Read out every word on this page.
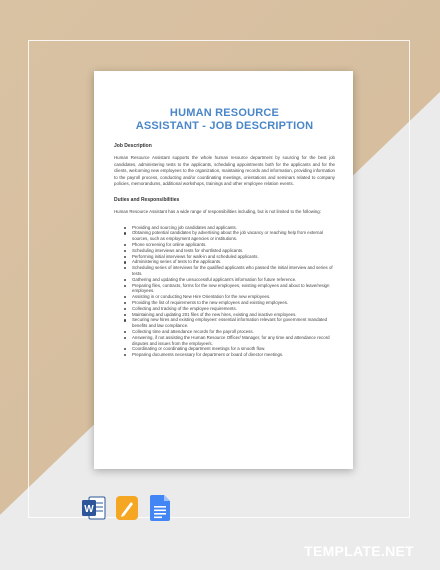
HUMAN RESOURCE
ASSISTANT - JOB DESCRIPTION
Job Description
Human Resource Assistant supports the whole human resource department by sourcing for the best job candidates, administering tests to the applicants, scheduling appointments both for the applicants and for the clients, welcoming new employees to the organization, maintaining records and information, providing information to the payroll process, conducting and/or coordinating meetings, orientations and seminars related to company policies, memorandums, additional workshops, trainings and other employee relation events.
Duties and Responsibilities
Human Resource Assistant has a wide range of responsibilities including, but is not limited to the following:
Providing and sourcing job candidates and applicants.
Obtaining potential candidates by advertising about the job vacancy or reaching help from external sources, such as employment agencies or institutions.
Phone screening for online applicants.
Scheduling interviews and tests for shortlisted applicants.
Performing initial interviews for walk-in and scheduled applicants.
Administering series of tests to the applicants.
Scheduling series of interviews for the qualified applicants who passed the initial interview and series of tests.
Gathering and updating the unsuccessful applicant's information for future reference.
Preparing files, contracts, forms for the new employees, existing employees and about to leave/resign employees.
Assisting in or conducting New Hire Orientation for the new employees.
Providing the list of requirements to the new employees and existing employees.
Collecting and tracking of the employee requirements.
Maintaining and updating 201 files of the new hires, existing and inactive employees.
Securing new hires and existing employees' essential information relevant for government mandated benefits and law compliance.
Collecting time and attendance records for the payroll process.
Answering, if not assisting the Human Resource Officer/ Manager, for any time and attendance record disputes and issues from the employee/s.
Coordinating or coordinating department meetings for a smooth flow.
Preparing documents necessary for department or board of director meetings.
W
TEMPLATE.NET
